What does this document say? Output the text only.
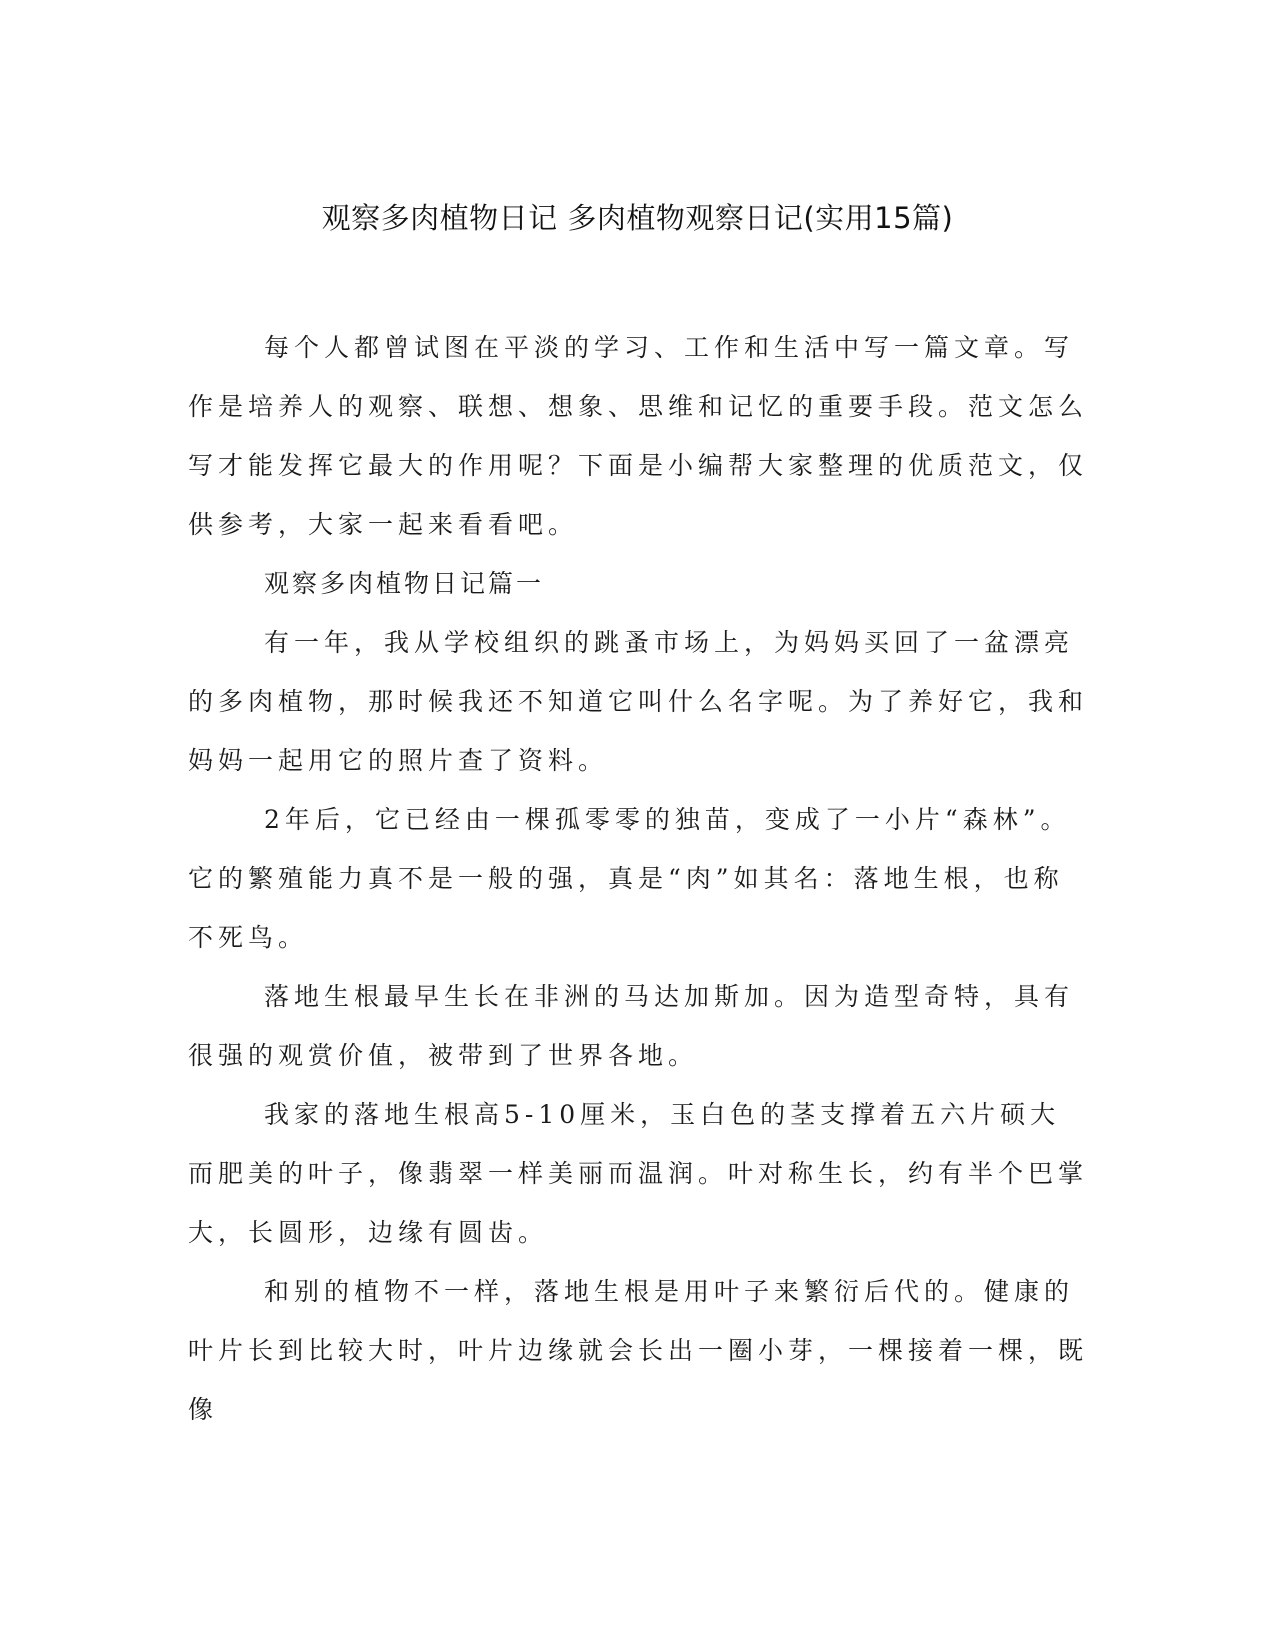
观察多肉植物日记 多肉植物观察日记(实用15篇)

每个人都曾试图在平淡的学习、工作和生活中写一篇文章。写作是培养人的观察、联想、想象、思维和记忆的重要手段。范文怎么写才能发挥它最大的作用呢？下面是小编帮大家整理的优质范文，仅供参考，大家一起来看看吧。

观察多肉植物日记篇一

有一年，我从学校组织的跳蚤市场上，为妈妈买回了一盆漂亮的多肉植物，那时候我还不知道它叫什么名字呢。为了养好它，我和妈妈一起用它的照片查了资料。

2年后，它已经由一棵孤零零的独苗，变成了一小片“森林”。它的繁殖能力真不是一般的强，真是“肉”如其名：落地生根，也称不死鸟。

落地生根最早生长在非洲的马达加斯加。因为造型奇特，具有很强的观赏价值，被带到了世界各地。

我家的落地生根高5-10厘米，玉白色的茎支撑着五六片硕大而肥美的叶子，像翡翠一样美丽而温润。叶对称生长，约有半个巴掌大，长圆形，边缘有圆齿。

和别的植物不一样，落地生根是用叶子来繁衍后代的。健康的叶片长到比较大时，叶片边缘就会长出一圈小芽，一棵接着一棵，既像
